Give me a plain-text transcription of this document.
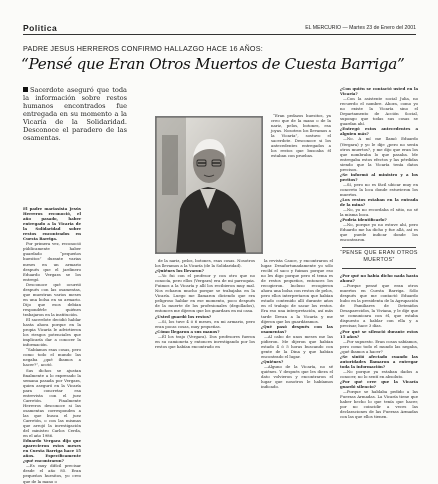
Politica	EL MERCURIO — Martes 23 de Enero del 2001
PADRE JESUS HERREROS CONFIRMO HALLAZGO HACE 16 AÑOS:
“Pensé que Eran Otros Muertos de Cuesta Barriga”
Sacerdote aseguró que toda la información sobre restos humanos encontrados fue entregada en su momento a la Vicaría de la Solidaridad. Desconoce el paradero de las osamentas.

“Eran pedazos huesitos, ya creo que de la mano o de la nariz, pelos, botones, esa joyas. Nosotros los llevamos a la Vicaría”, sostuvo el sacerdote. Desconoce si los antecedentes entregados a los restos que buscaba él estaban con pruebas.

El padre mariasista Jesús Herreros reconoció, el año pasado, haber entregado a la Vicaría de la Solidaridad sobre restos encontrados en Cuesta Barriga.

Por primera vez, reconoció públicamente haber guardado “pequeños huesitos” durante varias meses en un armario después que el jardinero Eduardo Vergara se los entregó.

Desconoce qué ocurrió después con las osamentas, que muestran varios meses en una bolsa en su armario. Dijo que esos debían respondérle quiénes trabajaron en la institución.

El sacerdote decidió hablar hasta ahora porque en la propia Vicaría le advirtieron los riesgos potenciales que implicaría dar a conocer la información.

“Sabíamos esas cosas, pero como todo el mundo las negaba ¿qué íbamos a hacer?”, acotó.

Sus dichos se ajustan finalmente a lo expresado la semana pasada por Vergara, quien aseguró en la Vicaría para concretar esa entrevista con el juez Carretón. Finalmente Herreros desconoce si las osamentas corresponden a las que busca el juez Carretón, o con las mismas que arrojó la investigación del ministro Carlos Cerda, en el año 1986.

Eduardo Vergara dijo que aparecieron estos meses en Cuesta Barriga hace 15 años. Específicamente ¿qué encontraron?

—Es muy difícil precisar desde el año 85. Eran pequeños huesitos, yo creo que de la mano o

de la nariz, pelos, botones, esas cosas. Nosotros los llevamos a la Vicaría (de la Solidaridad).

¿Quiénes los llevaron?

—Yo fui con el profesor y con otro que no conocía, pero ellos (Vergara) era de mi parroquia. Fuimos a la Vicaría y allí los recibieron muy mal. Nos echaron mucho porque se trabajaba en la Vicaría. Luego me llamaron diciendo que era peligroso hablar en ese momento, poco después de la muerte de los profesionales (degollados), entonces me dijeron que los guardara en mi casa.

¿Usted guardó los restos?

—Sí, los tuve 4 ó 6 meses, en mi armario, pero eran pocas cosas, muy pequeñas.

¿Cómo llegaron a sus manos?

—Él los trajo (Vergara). Dos profesores fueron en su camioneta y entonces investigando por los restos que habían encontrado en

la revista Cauce, y encontraron el lugar. Desafortunadamente yo sólo recibí el saco y fuimos porque eso no les digo porque pero el tema es de restos pequeños, entonces los recogieron. Incluso recogieron ahora una bolsa con restos de pelos, pero ellos interpretaron que habían estado contenido allí durante años en el trabajo de sacar los restos. Era eso una interpretación, así más tarde llevan a la Vicaría y me dijeron que los guardáramos.

¿Qué pasó después con las osamentas?

—Al cabo de unos meses me las pidieron. Me dijeron que habían estado 4 ó 5 horas buscando con gente de la Dina y que habían encontrado el lugar.

¿Quiénes?

—Alguno de la Vicaría, no sé quiénes. Y después que les diera el dato volvieron y encontraron el lugar que nosotros le habíamos indicado.

¿Con quién se contactó usted en la Vicaría?

—Con la asistente social Julia, no recuerdo el nombre. Ahora, como yo no existe la Vicaría sino el Departamento de Acción Social, supongo que todas sus cosas se guardan ahí.

¿Entregó estos antecedentes a alguien más?

—No. A mí me llamó Eduardo (Vergara) y yo le dije ¿pero no serán otros muertos?, y me dijo que eran los que nombraba lo que pasaba. Me entregaba estos efectos y las pérdidas siendo que la Vicaría tenía datos precisos.

¿Se informó al ministro y a los peritos?

—Sí, pero no es fácil ubicar muy en concreto la loca donde estuvieron los muertos.

¿Los restos estaban en la entrada de la mina?

—No, yo no recordaba el sitio, no sé la misma boca.

¿Podría identificarlo?

—No, porque yo no estuve ahí, pero Eduardo me ha dicho y fue allá, así es que puede indicar donde los encontraron.

“PENSE QUE ERAN OTROS MUERTOS”

¿Por qué no había dicho nada hasta ahora?

—Porque pensé que eran otros muertos en Cuesta Barriga. Sólo después que me contactó Eduardo hubo en la presidenta de la Agrupación de Familiares de Detenidos Desaparecidos, la Viviana, y le dije que se comunicara con él, que estaba dispuesto a hablar con ella y a precisar, hace 3 días.

¿Por qué se silenció durante estos 15 años?

—Por supuesto. Eran cosas sabíamos, pero como todo el mundo las negaba, ¿qué íbamos a hacer?

¿Se sintió afectado cuando las autoridades llamaron a entregar toda la información?

—No porque ya estaban dados a conocer, no lo sentí en absoluto.

¿Por qué cree que la Vicaría guardó silencio?

—Porque se hablaba pedido a las Fuerzas Armadas. La Vicaría tiene que haber hecho lo que tenía que hacer, por no coincidir a veces las declaraciones de las Fuerzas Armadas con las que ellos tienen.
